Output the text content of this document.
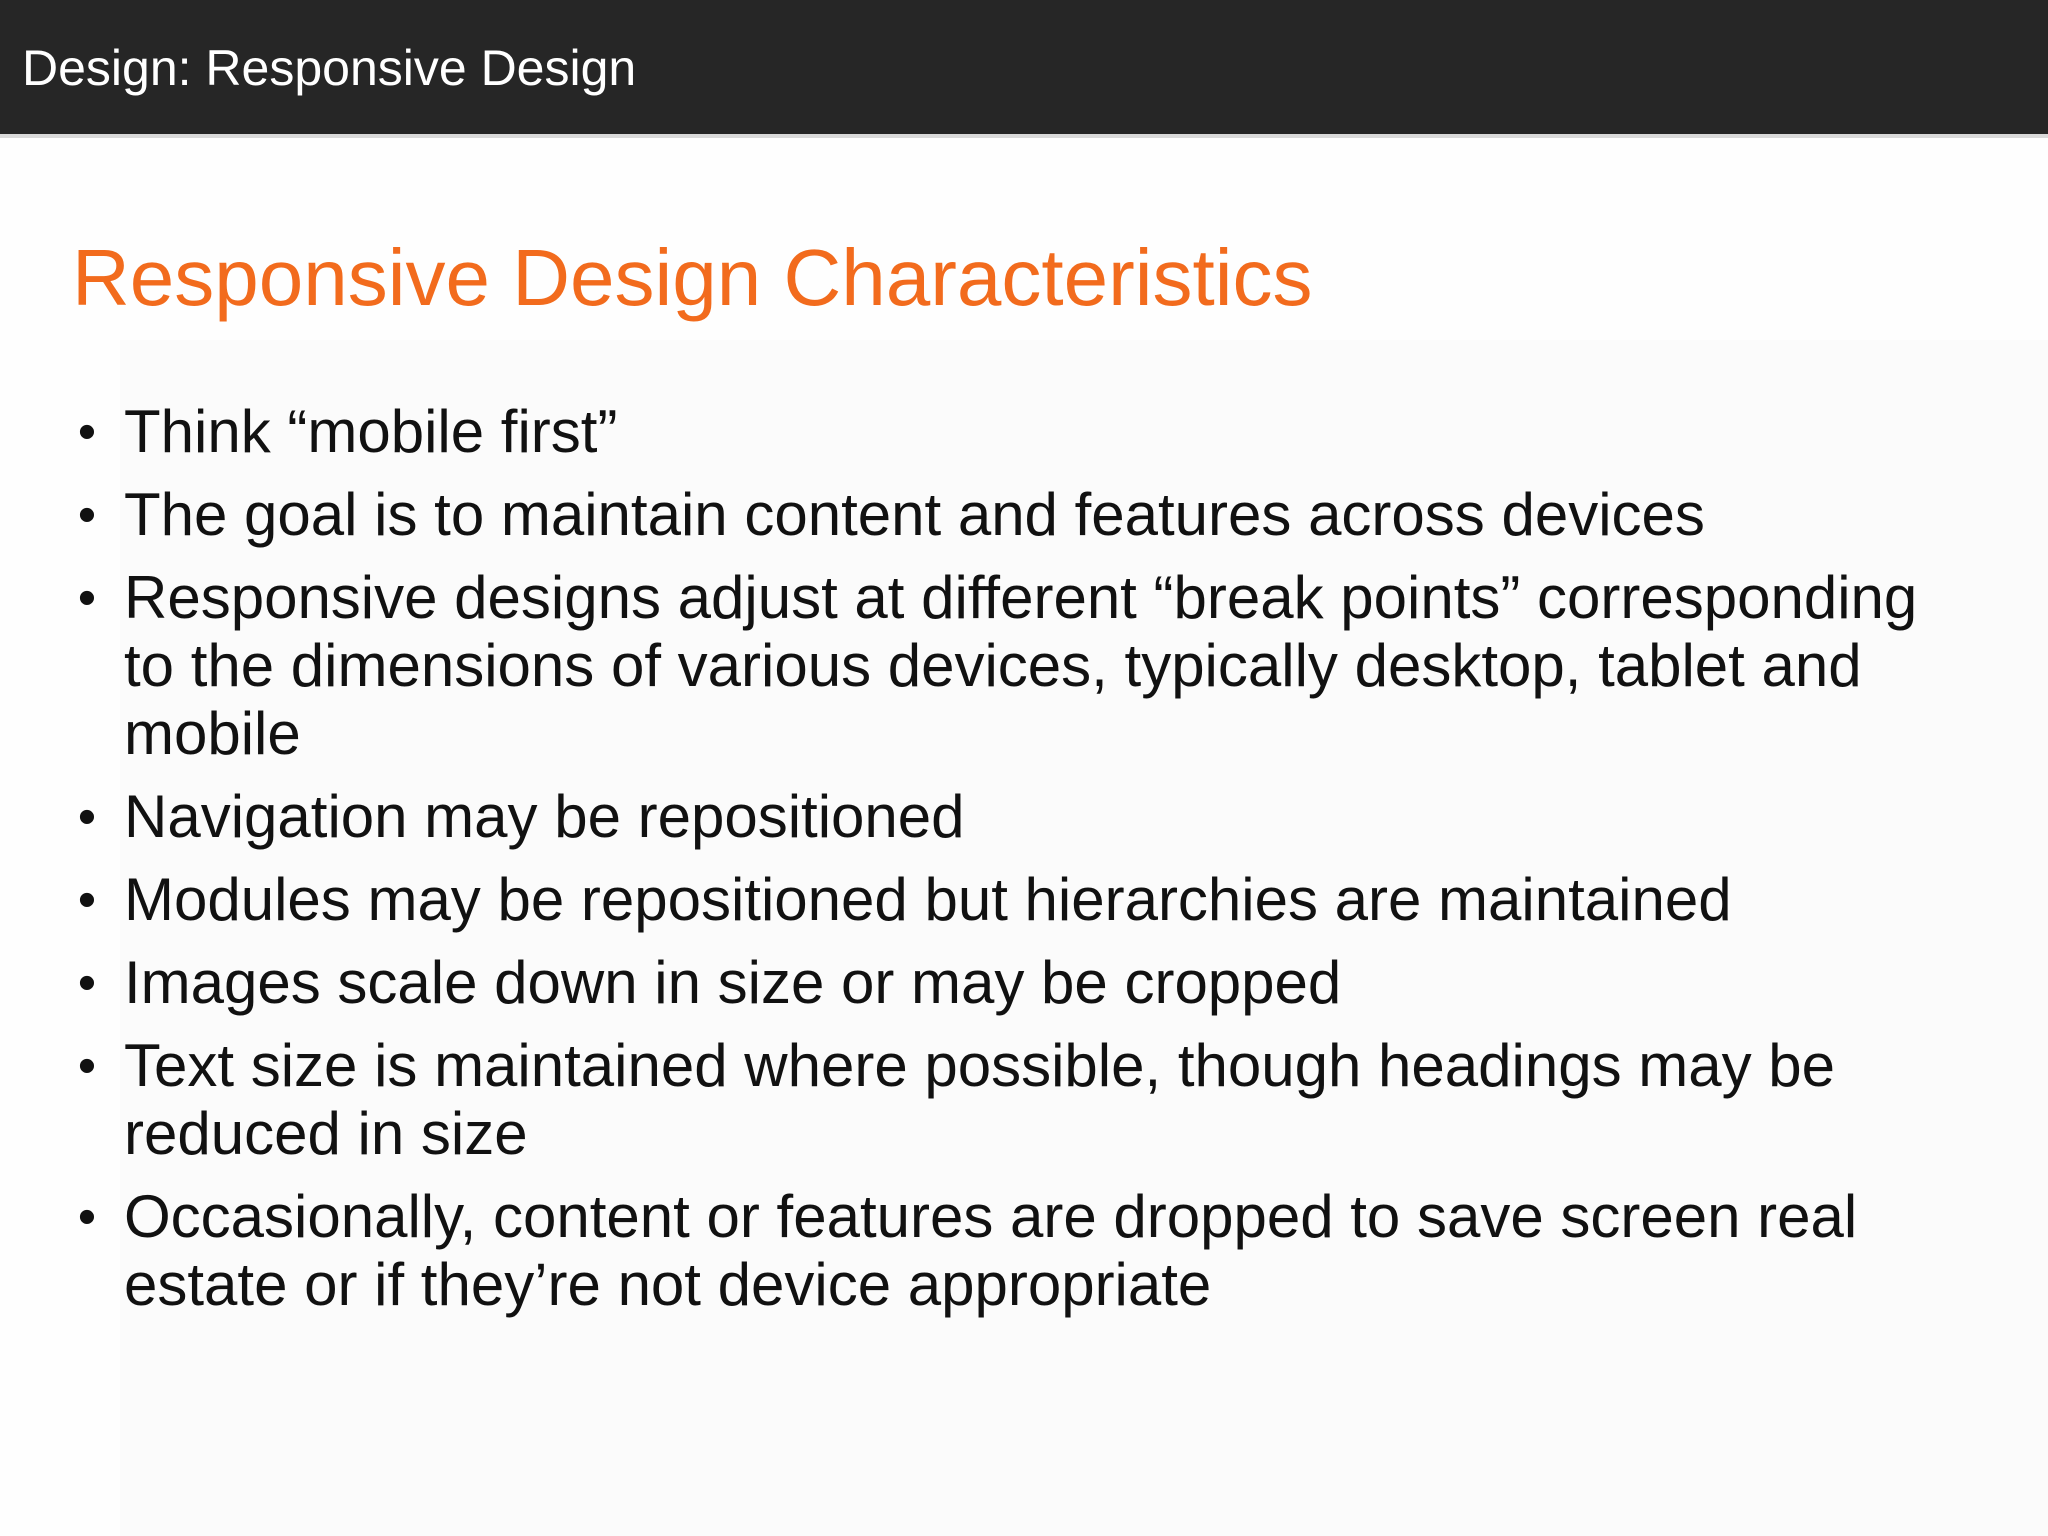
Design: Responsive Design
Responsive Design Characteristics
• Think “mobile first”
• The goal is to maintain content and features across devices
• Responsive designs adjust at different “break points” corresponding to the dimensions of various devices, typically desktop, tablet and mobile
• Navigation may be repositioned
• Modules may be repositioned but hierarchies are maintained
• Images scale down in size or may be cropped
• Text size is maintained where possible, though headings may be reduced in size
• Occasionally, content or features are dropped to save screen real estate or if they’re not device appropriate
